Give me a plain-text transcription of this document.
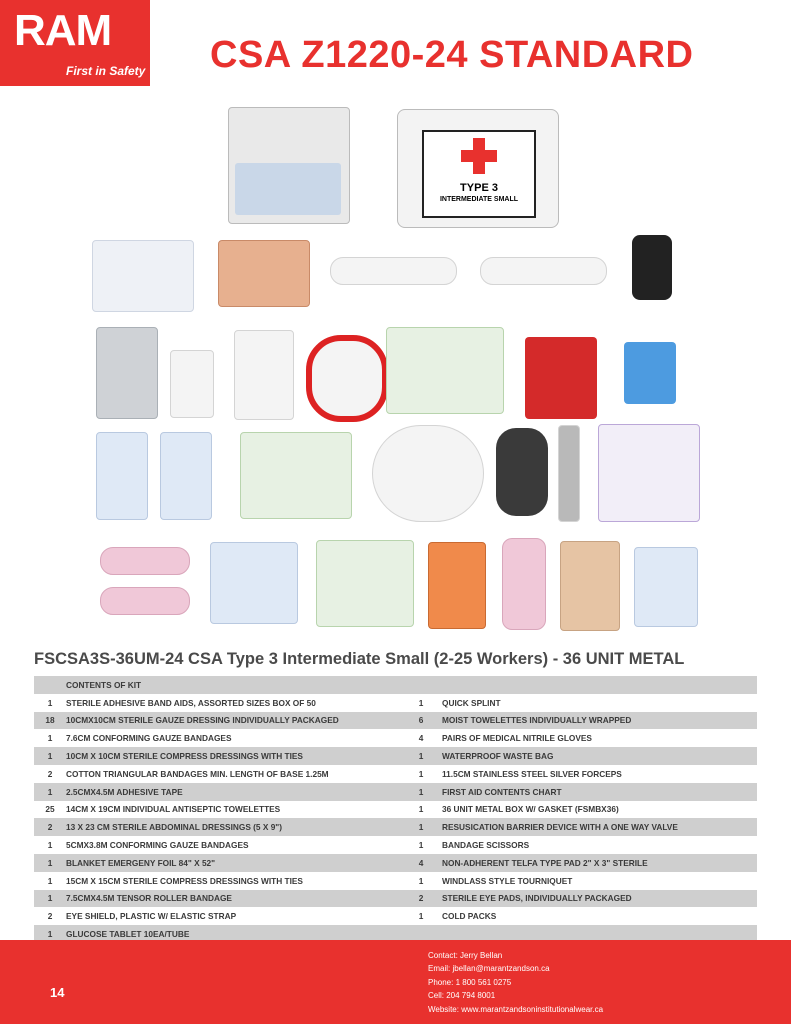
RAM
First in Safety CSA Z1220-24 STANDARD
TYPE 3
INTERMEDIATE SMALL
FSCSA3S-36UM-24 CSA Type 3 Intermediate Small (2-25 Workers) - 36 UNIT METAL
	CONTENTS OF KIT		
1	STERILE ADHESIVE BAND AIDS, ASSORTED SIZES BOX OF 50	1	QUICK SPLINT
18	10CMX10CM STERILE GAUZE DRESSING INDIVIDUALLY PACKAGED	6	MOIST TOWELETTES INDIVIDUALLY WRAPPED
1	7.6CM CONFORMING GAUZE BANDAGES	4	PAIRS OF MEDICAL NITRILE GLOVES
1	10CM X 10CM STERILE COMPRESS DRESSINGS WITH TIES	1	WATERPROOF WASTE BAG
2	COTTON TRIANGULAR BANDAGES MIN. LENGTH OF BASE 1.25M	1	11.5CM STAINLESS STEEL SILVER FORCEPS
1	2.5CMX4.5M ADHESIVE TAPE	1	FIRST AID CONTENTS CHART
25	14CM X 19CM INDIVIDUAL ANTISEPTIC TOWELETTES	1	36 UNIT METAL BOX W/ GASKET (FSMBX36)
2	13 X 23 CM STERILE ABDOMINAL DRESSINGS (5 X 9")	1	RESUSICATION BARRIER DEVICE WITH A ONE WAY VALVE
1	5CMX3.8M CONFORMING GAUZE BANDAGES	1	BANDAGE SCISSORS
1	BLANKET EMERGENY FOIL 84" X 52"	4	NON-ADHERENT TELFA TYPE PAD 2" X 3" STERILE
1	15CM X 15CM STERILE COMPRESS DRESSINGS WITH TIES	1	WINDLASS STYLE TOURNIQUET
1	7.5CMX4.5M TENSOR ROLLER BANDAGE	2	STERILE EYE PADS, INDIVIDUALLY PACKAGED
2	EYE SHIELD, PLASTIC W/ ELASTIC STRAP	1	COLD PACKS
1	GLUCOSE TABLET 10EA/TUBE		
14
Contact: Jerry Bellan
Email: jbellan@marantzandson.ca
Phone: 1 800 561 0275
Cell: 204 794 8001
Website: www.marantzandsoninstitutionalwear.ca
